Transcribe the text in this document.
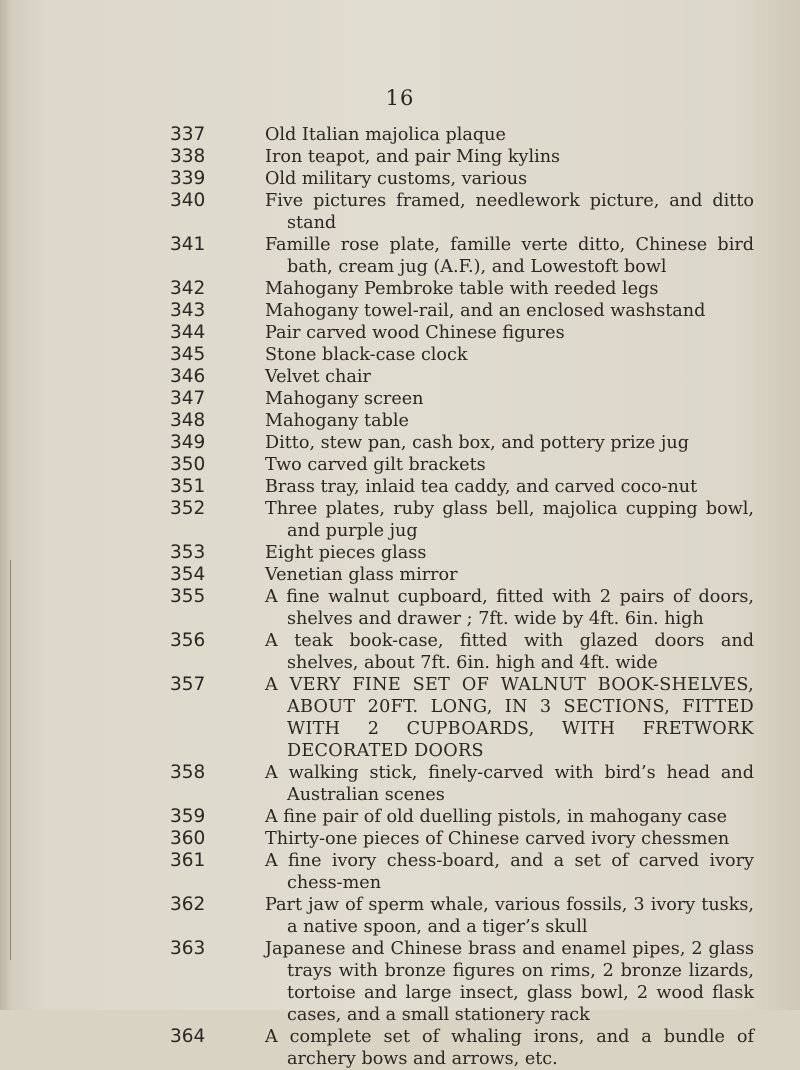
16
337	Old Italian majolica plaque
338	Iron teapot, and pair Ming kylins
339	Old military customs, various
340	Five pictures framed, needlework picture, and ditto stand
341	Famille rose plate, famille verte ditto, Chinese bird bath, cream jug (A.F.), and Lowestoft bowl
342	Mahogany Pembroke table with reeded legs
343	Mahogany towel-rail, and an enclosed washstand
344	Pair carved wood Chinese figures
345	Stone black-case clock
346	Velvet chair
347	Mahogany screen
348	Mahogany table
349	Ditto, stew pan, cash box, and pottery prize jug
350	Two carved gilt brackets
351	Brass tray, inlaid tea caddy, and carved coco-nut
352	Three plates, ruby glass bell, majolica cupping bowl, and purple jug
353	Eight pieces glass
354	Venetian glass mirror
355	A fine walnut cupboard, fitted with 2 pairs of doors, shelves and drawer ; 7ft. wide by 4ft. 6in. high
356	A teak book-case, fitted with glazed doors and shelves, about 7ft. 6in. high and 4ft. wide
357	A VERY FINE SET OF WALNUT BOOK-SHELVES, ABOUT 20FT. LONG, IN 3 SECTIONS, FITTED WITH 2 CUPBOARDS, WITH FRETWORK DECORATED DOORS
358	A walking stick, finely-carved with bird’s head and Australian scenes
359	A fine pair of old duelling pistols, in mahogany case
360	Thirty-one pieces of Chinese carved ivory chessmen
361	A fine ivory chess-board, and a set of carved ivory chess-men
362	Part jaw of sperm whale, various fossils, 3 ivory tusks, a native spoon, and a tiger’s skull
363	Japanese and Chinese brass and enamel pipes, 2 glass trays with bronze figures on rims, 2 bronze lizards, tortoise and large insect, glass bowl, 2 wood flask cases, and a small stationery rack
364	A complete set of whaling irons, and a bundle of archery bows and arrows, etc.
